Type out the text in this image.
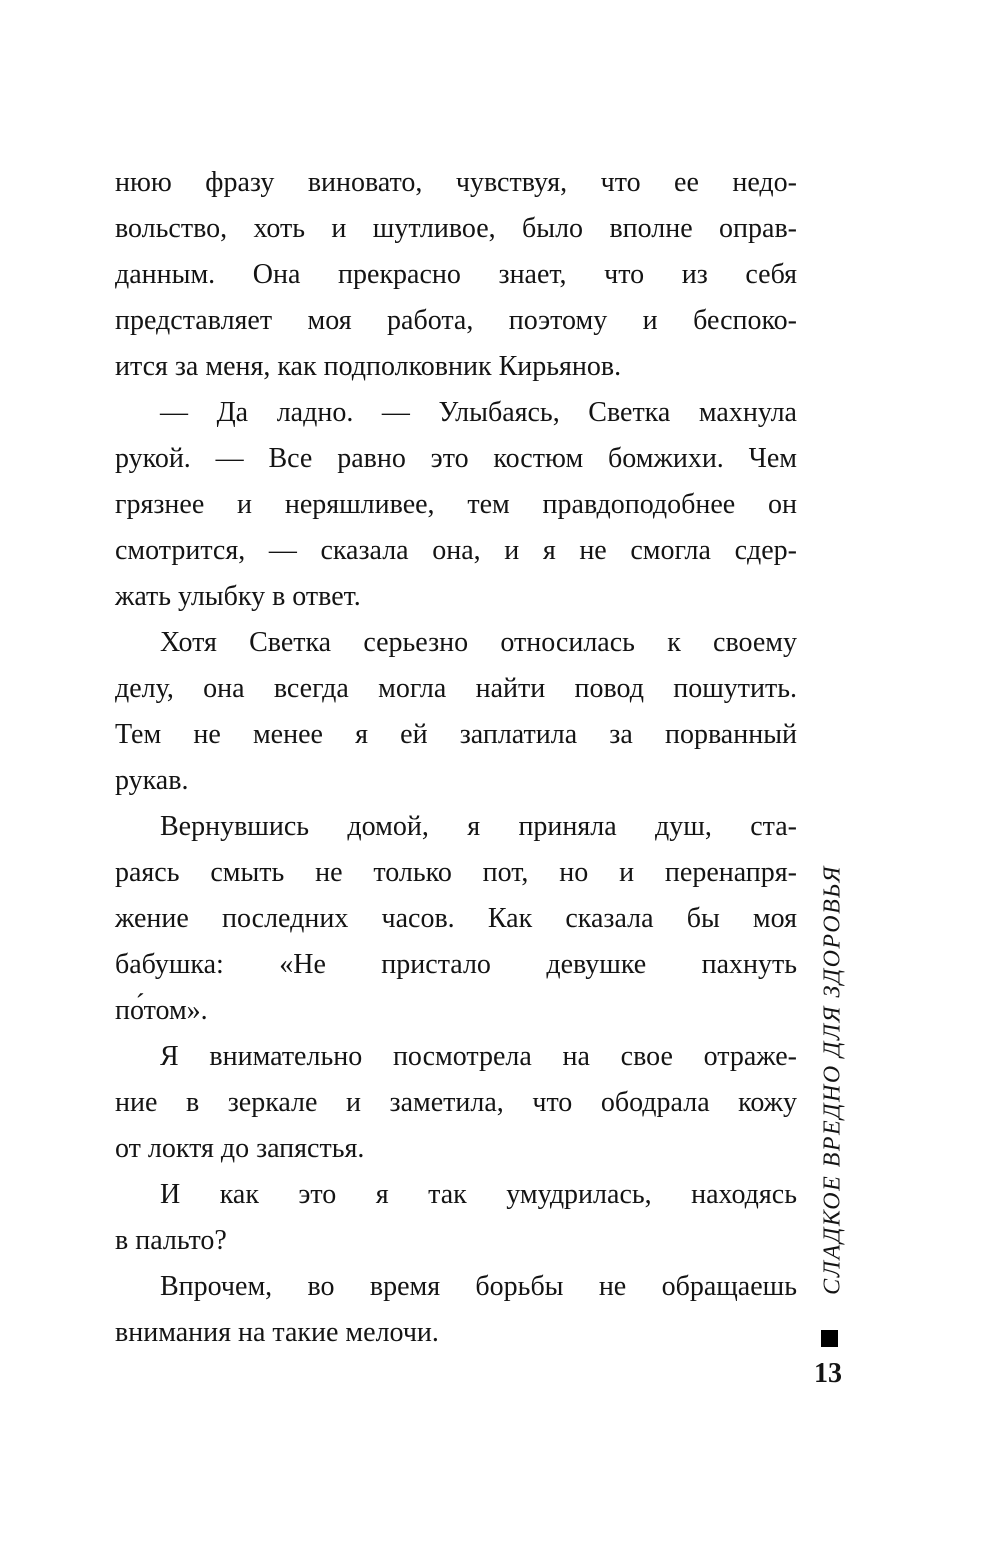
нюю фразу виновато, чувствуя, что ее недо-
вольство, хоть и шутливое, было вполне оправ-
данным. Она прекрасно знает, что из себя
представляет моя работа, поэтому и беспоко-
ится за меня, как подполковник Кирьянов.
— Да ладно. — Улыбаясь, Светка махнула
рукой. — Все равно это костюм бомжихи. Чем
грязнее и неряшливее, тем правдоподобнее он
смотрится, — сказала она, и я не смогла сдер-
жать улыбку в ответ.
Хотя Светка серьезно относилась к своему
делу, она всегда могла найти повод пошутить.
Тем не менее я ей заплатила за порванный
рукав.
Вернувшись домой, я приняла душ, ста-
раясь смыть не только пот, но и перенапря-
жение последних часов. Как сказала бы моя
бабушка: «Не пристало девушке пахнуть
по́том».
Я внимательно посмотрела на свое отраже-
ние в зеркале и заметила, что ободрала кожу
от локтя до запястья.
И как это я так умудрилась, находясь
в пальто?
Впрочем, во время борьбы не обращаешь
внимания на такие мелочи.
СЛАДКОЕ ВРЕДНО ДЛЯ ЗДОРОВЬЯ
13
